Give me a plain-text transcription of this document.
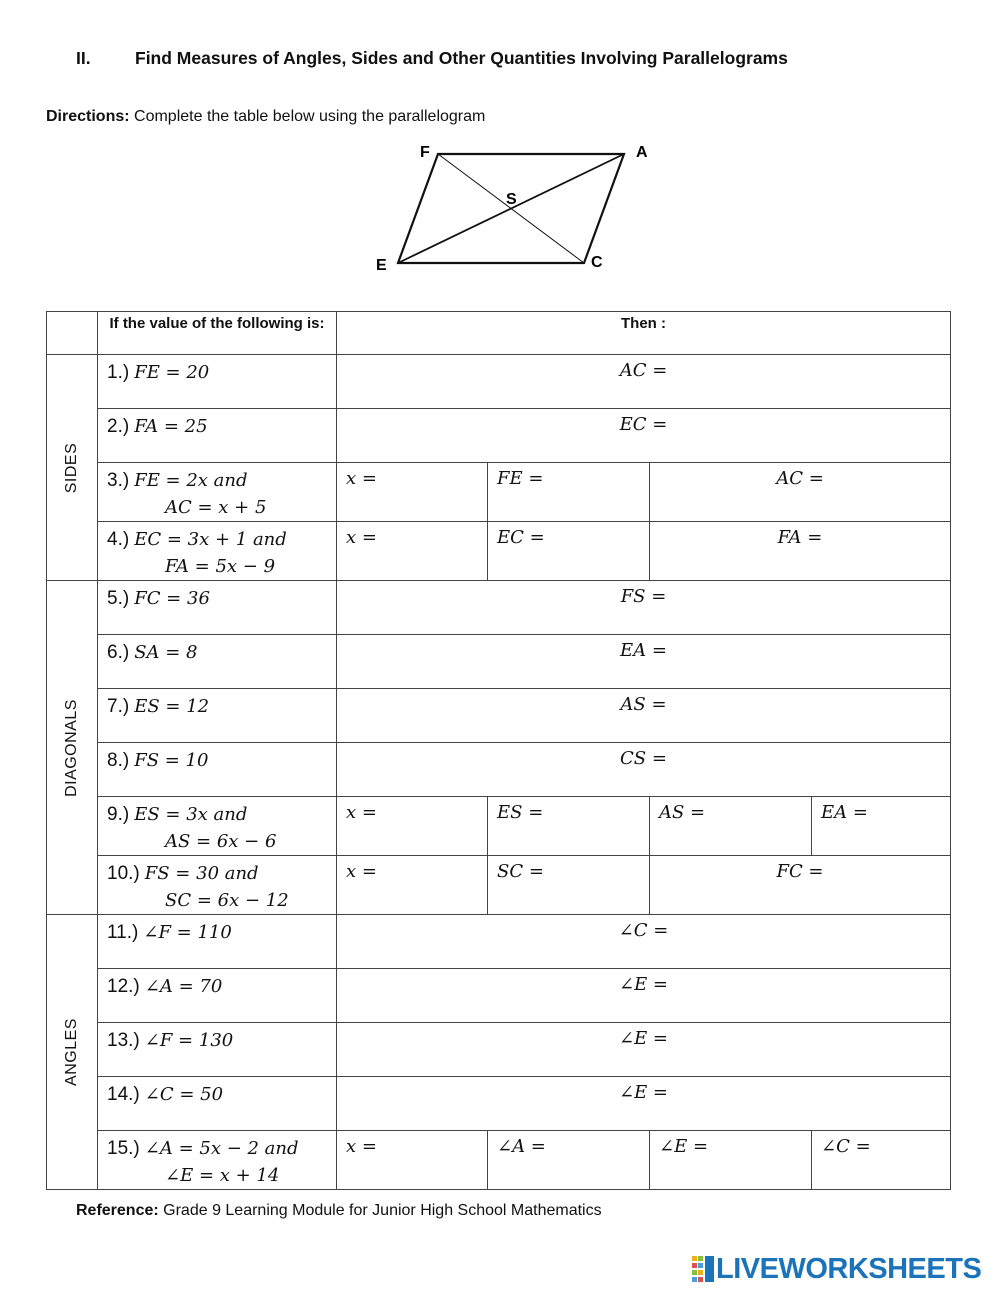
II.	Find Measures of Angles, Sides and Other Quantities Involving Parallelograms
Directions: Complete the table below using the parallelogram
F	A
S
E	C
	If the value of the following is:	Then :			

SIDES	1.) FE = 20	AC =			
	2.) FA = 25	EC =			
	3.) FE = 2x and
AC = x + 5	x =	FE =	AC =	
	4.) EC = 3x + 1 and
FA = 5x − 9	x =	EC =	FA =	

DIAGONALS	5.) FC = 36	FS =			
	6.) SA = 8	EA =			
	7.) ES = 12	AS =			
	8.) FS = 10	CS =			
	9.) ES = 3x and
AS = 6x − 6	x =	ES =	AS =	EA =
	10.) FS = 30 and
SC = 6x − 12	x =	SC =	FC =	

ANGLES	11.) ∠F = 110	∠C =			
	12.) ∠A = 70	∠E =			
	13.) ∠F = 130	∠E =			
	14.) ∠C = 50	∠E =			
	15.) ∠A = 5x − 2 and
∠E = x + 14	x =	∠A =	∠E =	∠C =
Reference: Grade 9 Learning Module for Junior High School Mathematics
LIVEWORKSHEETS
